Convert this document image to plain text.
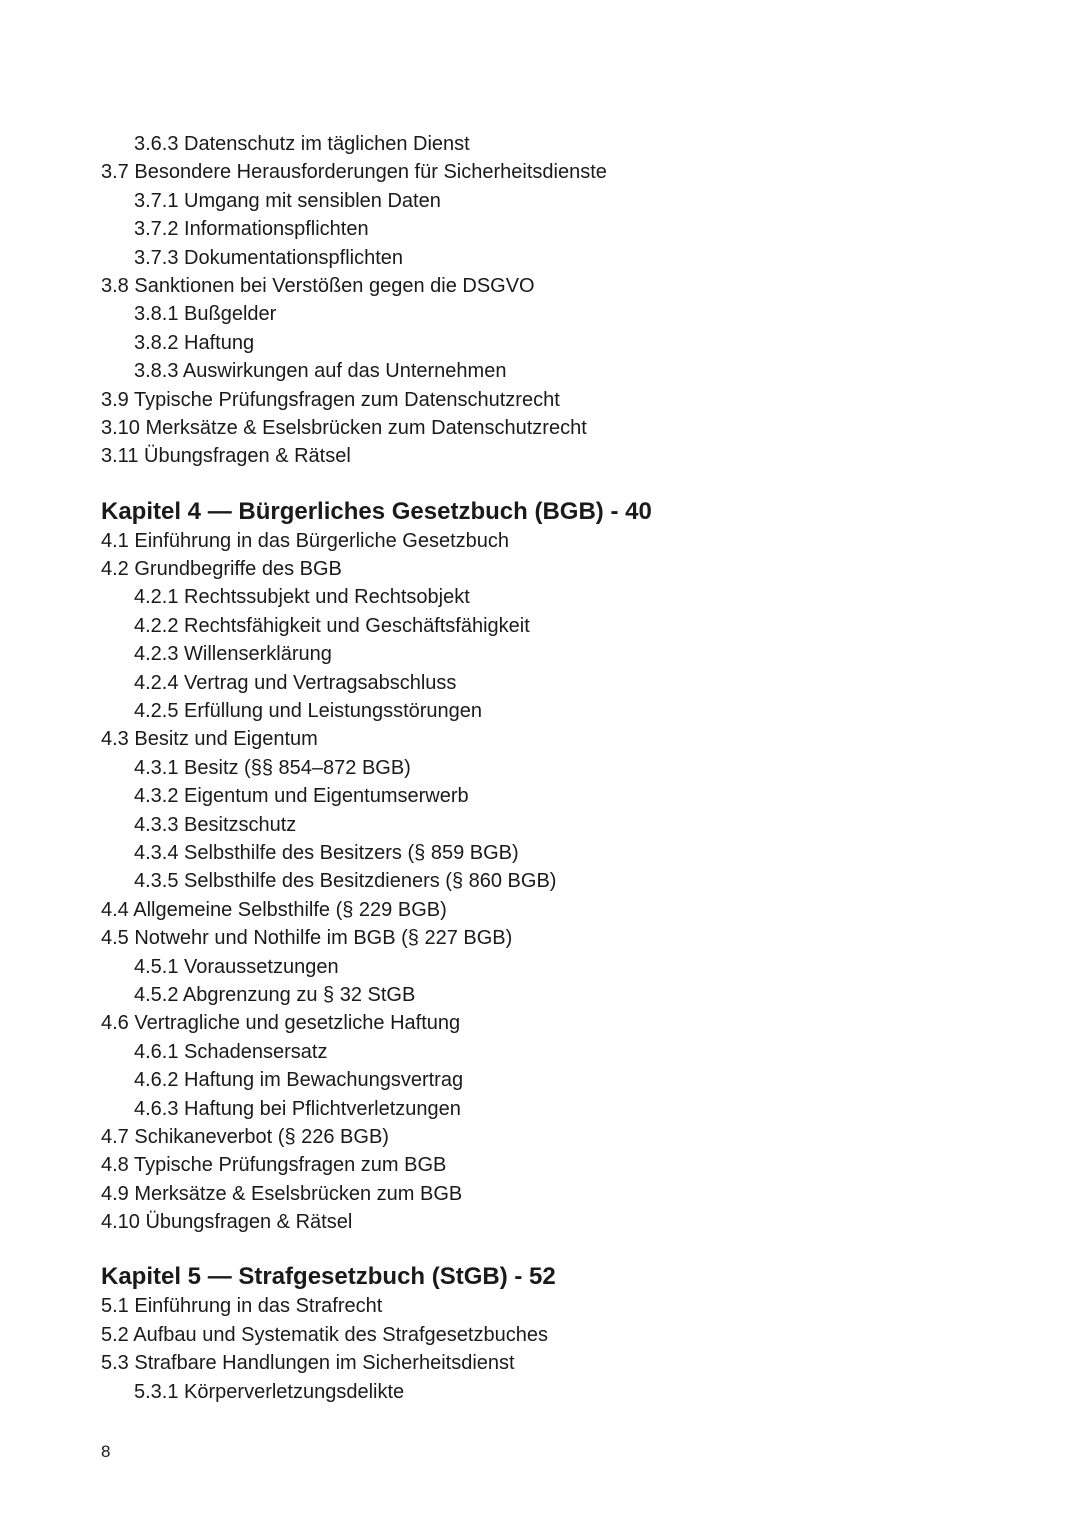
3.6.3 Datenschutz im täglichen Dienst
3.7 Besondere Herausforderungen für Sicherheitsdienste
3.7.1 Umgang mit sensiblen Daten
3.7.2 Informationspflichten
3.7.3 Dokumentationspflichten
3.8 Sanktionen bei Verstößen gegen die DSGVO
3.8.1 Bußgelder
3.8.2 Haftung
3.8.3 Auswirkungen auf das Unternehmen
3.9 Typische Prüfungsfragen zum Datenschutzrecht
3.10 Merksätze & Eselsbrücken zum Datenschutzrecht
3.11 Übungsfragen & Rätsel
Kapitel 4 — Bürgerliches Gesetzbuch (BGB) - 40
4.1 Einführung in das Bürgerliche Gesetzbuch
4.2 Grundbegriffe des BGB
4.2.1 Rechtssubjekt und Rechtsobjekt
4.2.2 Rechtsfähigkeit und Geschäftsfähigkeit
4.2.3 Willenserklärung
4.2.4 Vertrag und Vertragsabschluss
4.2.5 Erfüllung und Leistungsstörungen
4.3 Besitz und Eigentum
4.3.1 Besitz (§§ 854–872 BGB)
4.3.2 Eigentum und Eigentumserwerb
4.3.3 Besitzschutz
4.3.4 Selbsthilfe des Besitzers (§ 859 BGB)
4.3.5 Selbsthilfe des Besitzdieners (§ 860 BGB)
4.4 Allgemeine Selbsthilfe (§ 229 BGB)
4.5 Notwehr und Nothilfe im BGB (§ 227 BGB)
4.5.1 Voraussetzungen
4.5.2 Abgrenzung zu § 32 StGB
4.6 Vertragliche und gesetzliche Haftung
4.6.1 Schadensersatz
4.6.2 Haftung im Bewachungsvertrag
4.6.3 Haftung bei Pflichtverletzungen
4.7 Schikaneverbot (§ 226 BGB)
4.8 Typische Prüfungsfragen zum BGB
4.9 Merksätze & Eselsbrücken zum BGB
4.10 Übungsfragen & Rätsel
Kapitel 5 — Strafgesetzbuch (StGB) - 52
5.1 Einführung in das Strafrecht
5.2 Aufbau und Systematik des Strafgesetzbuches
5.3 Strafbare Handlungen im Sicherheitsdienst
5.3.1 Körperverletzungsdelikte
8
